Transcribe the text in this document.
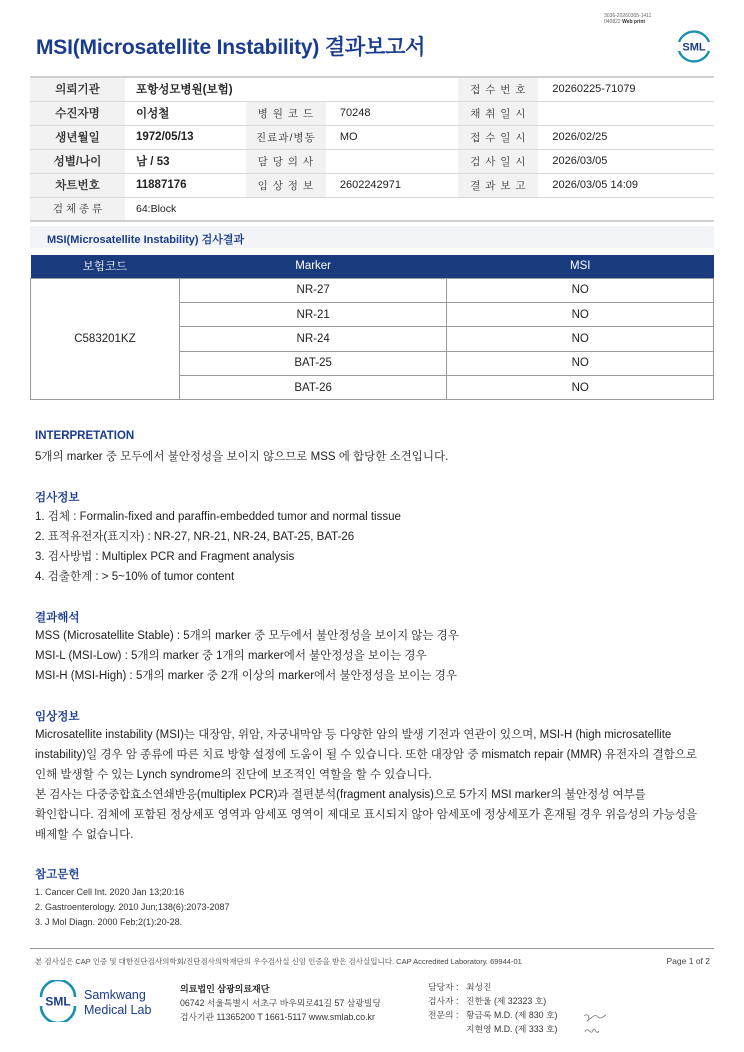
3036-20260305-1411
040822 Web print
MSI(Microsatellite Instability) 결과보고서	SML
의뢰기관	포항성모병원(보험)			접 수 번 호	20260225-71079
수진자명	이성철	병 원 코 드	70248	채 취 일 시	
생년월일	1972/05/13	진료과/병동	MO	접 수 일 시	2026/02/25
성별/나이	남 / 53	담 당 의 사		검 사 일 시	2026/03/05
차트번호	11887176	임 상 정 보	2602242971	결 과 보 고	2026/03/05 14:09
검 체 종 류	64:Block				
MSI(Microsatellite Instability) 검사결과
보험코드	Marker	MSI
C583201KZ	NR-27	NO
	NR-21	NO
	NR-24	NO
	BAT-25	NO
	BAT-26	NO
INTERPRETATION
5개의 marker 중 모두에서 불안정성을 보이지 않으므로 MSS 에 합당한 소견입니다.
검사정보
1. 검체 : Formalin-fixed and paraffin-embedded tumor and normal tissue
2. 표적유전자(표지자) : NR-27, NR-21, NR-24, BAT-25, BAT-26
3. 검사방법 : Multiplex PCR and Fragment analysis
4. 검출한계 : > 5~10% of tumor content
결과해석
MSS (Microsatellite Stable) : 5개의 marker 중 모두에서 불안정성을 보이지 않는 경우
MSI-L (MSI-Low) : 5개의 marker 중 1개의 marker에서 불안정성을 보이는 경우
MSI-H (MSI-High) : 5개의 marker 중 2개 이상의 marker에서 불안정성을 보이는 경우
임상정보
Microsatellite instability (MSI)는 대장암, 위암, 자궁내막암 등 다양한 암의 발생 기전과 연관이 있으며, MSI-H (high microsatellite
instability)일 경우 암 종류에 따른 치료 방향 설정에 도움이 될 수 있습니다. 또한 대장암 중 mismatch repair (MMR) 유전자의 결함으로
인해 발생할 수 있는 Lynch syndrome의 진단에 보조적인 역할을 할 수 있습니다.
본 검사는 다중중합효소연쇄반응(multiplex PCR)과 절편분석(fragment analysis)으로 5가지 MSI marker의 불안정성 여부를
확인합니다. 검체에 포함된 정상세포 영역과 암세포 영역이 제대로 표시되지 않아 암세포에 정상세포가 혼재될 경우 위음성의 가능성을
배제할 수 없습니다.
참고문헌
1. Cancer Cell Int. 2020 Jan 13;20:16
2. Gastroenterology. 2010 Jun;138(6):2073-2087
3. J Mol Diagn. 2000 Feb;2(1):20-28.
본 검사실은 CAP 인증 및 대한진단검사의학회/진단검사의학재단의 우수검사실 신임 인증을 받은 검사실입니다. CAP Accredited Laboratory. 69944-01	Page 1 of 2
SML Samkwang
Medical Lab
의료법인 삼광의료재단
06742 서울특별시 서초구 바우뫼로41길 57 삼광빌딩
검사기관 11365200 T 1661-5117 www.smlab.co.kr
담당자 : 최성진
검사자 : 진한울 (제 32323 호)
전문의 : 황금록 M.D. (제 830 호)
지현영 M.D. (제 333 호)
